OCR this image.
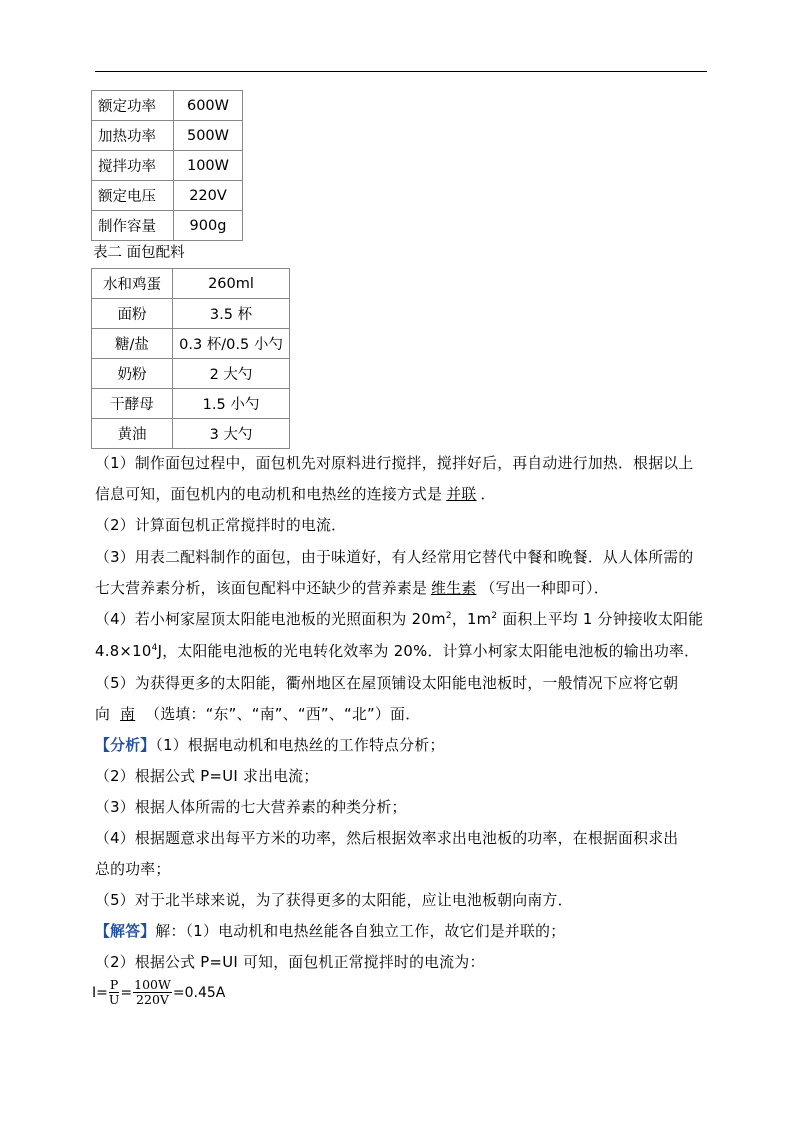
额定功率	600W
加热功率	500W
搅拌功率	100W
额定电压	220V
制作容量	900g
表二 面包配料
水和鸡蛋	260ml
面粉	3.5 杯
糖/盐	0.3 杯/0.5 小勺
奶粉	2 大勺
干酵母	1.5 小勺
黄油	3 大勺
（1）制作面包过程中，面包机先对原料进行搅拌，搅拌好后，再自动进行加热．根据以上
信息可知，面包机内的电动机和电热丝的连接方式是 并联 ．
（2）计算面包机正常搅拌时的电流．
（3）用表二配料制作的面包，由于味道好，有人经常用它替代中餐和晚餐．从人体所需的
七大营养素分析，该面包配料中还缺少的营养素是 维生素 （写出一种即可）．
（4）若小柯家屋顶太阳能电池板的光照面积为 $20m^2$，$1m^2$ 面积上平均 1 分钟接收太阳能
$4.8\times 10^4J$，太阳能电池板的光电转化效率为 20%．计算小柯家太阳能电池板的输出功率．
（5）为获得更多的太阳能，衢州地区在屋顶铺设太阳能电池板时，一般情况下应将它朝
向 南 （选填：“东”、“南”、“西”、“北”）面．
【分析】（1）根据电动机和电热丝的工作特点分析；
（2）根据公式 P=UI 求出电流；
（3）根据人体所需的七大营养素的种类分析；
（4）根据题意求出每平方米的功率，然后根据效率求出电池板的功率，在根据面积求出
总的功率；
（5）对于北半球来说，为了获得更多的太阳能，应让电池板朝向南方．
【解答】解：（1）电动机和电热丝能各自独立工作，故它们是并联的；
（2）根据公式 P=UI 可知，面包机正常搅拌时的电流为：
$I= \frac{P}{U} = \frac{100W}{220V} =0.45A$
